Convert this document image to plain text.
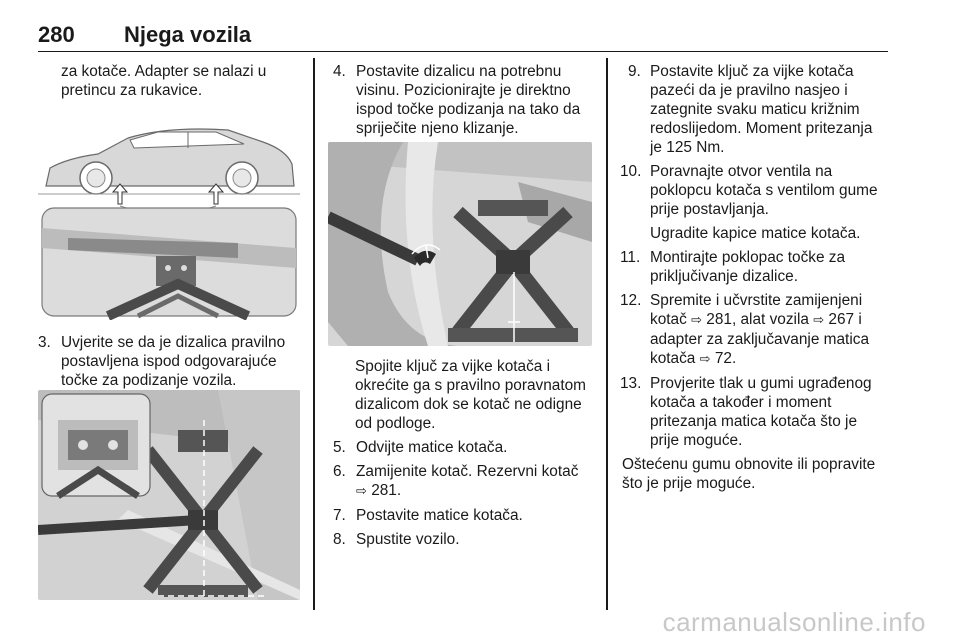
280 Njega vozila
za kotače. Adapter se nalazi u pretincu za rukavice.
3. Uvjerite se da je dizalica pravilno postavljena ispod odgovarajuće točke za podizanje vozila.
4. Postavite dizalicu na potrebnu visinu. Pozicionirajte je direktno ispod točke podizanja na tako da spriječite njeno klizanje.
Spojite ključ za vijke kotača i okrećite ga s pravilno poravnatom dizalicom dok se kotač ne odigne od podloge.
5. Odvijte matice kotača.
6. Zamijenite kotač. Rezervni kotač
⇨ 281.
7. Postavite matice kotača.
8. Spustite vozilo.
9. Postavite ključ za vijke kotača pazeći da je pravilno nasjeo i zategnite svaku maticu križnim redoslijedom. Moment pritezanja je 125 Nm.
10. Poravnajte otvor ventila na poklopcu kotača s ventilom gume prije postavljanja.
Ugradite kapice matice kotača.
11. Montirajte poklopac točke za priključivanje dizalice.
12. Spremite i učvrstite zamijenjeni kotač ⇨ 281, alat vozila ⇨ 267 i adapter za zaključavanje matica kotača ⇨ 72.
13. Provjerite tlak u gumi ugrađenog kotača a također i moment pritezanja matica kotača što je prije moguće.
Oštećenu gumu obnovite ili popravite što je prije moguće.
carmanualsonline.info
